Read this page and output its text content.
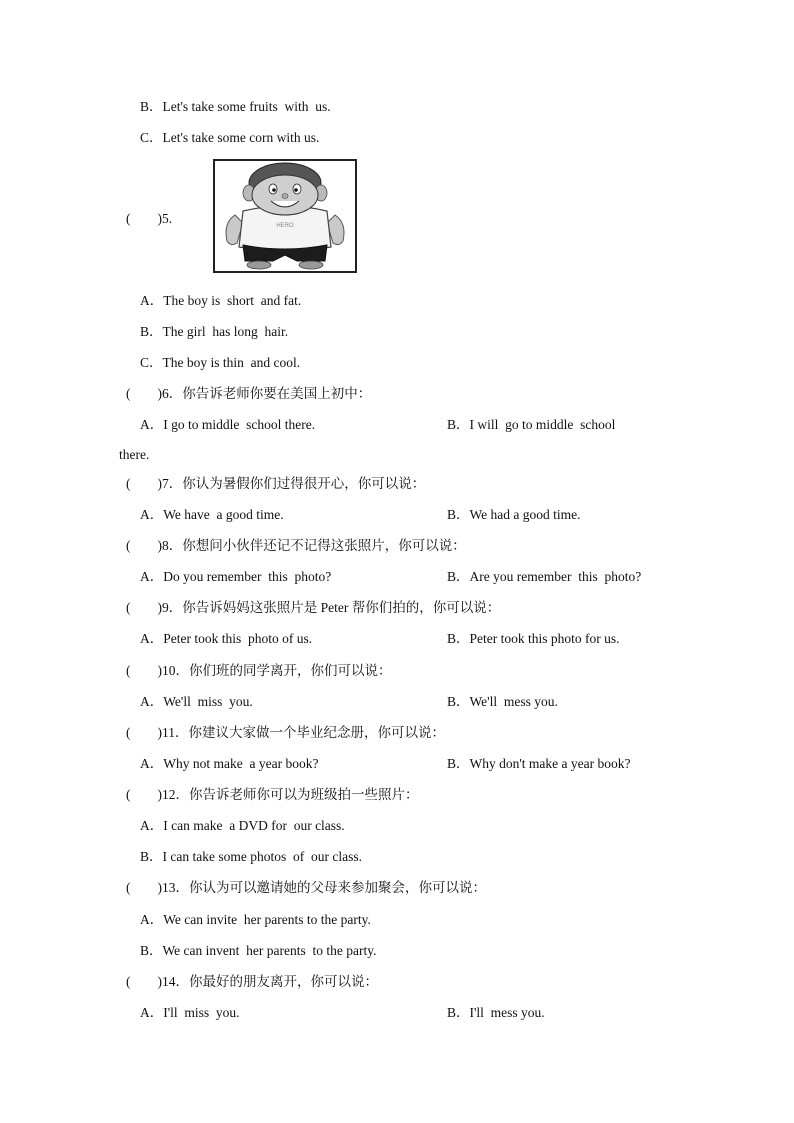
B．Let's take some fruits  with  us.
C．Let's take some corn with us.
(　　)5.	HERO
A．The boy is  short  and fat.
B．The girl  has long  hair.
C．The boy is thin  and cool.
(　　)6．你告诉老师你要在美国上初中：
A．I go to middle  school there.	B．I will  go to middle  school
there.
(　　)7．你认为暑假你们过得很开心，你可以说：
A．We have  a good time.	B．We had a good time.
(　　)8．你想问小伙伴还记不记得这张照片，你可以说：
A．Do you remember  this  photo?	B．Are you remember  this  photo?
(　　)9．你告诉妈妈这张照片是 Peter 帮你们拍的，你可以说：
A．Peter took this  photo of us.	B．Peter took this photo for us.
(　　)10．你们班的同学离开，你们可以说：
A．We'll  miss  you.	B．We'll  mess you.
(　　)11．你建议大家做一个毕业纪念册，你可以说：
A．Why not make  a year book?	B．Why don't make a year book?
(　　)12．你告诉老师你可以为班级拍一些照片：
A．I can make  a DVD for  our class.
B．I can take some photos  of  our class.
(　　)13．你认为可以邀请她的父母来参加聚会，你可以说：
A．We can invite  her parents to the party.
B．We can invent  her parents  to the party.
(　　)14．你最好的朋友离开，你可以说：
A．I'll  miss  you.	B．I'll  mess you.
